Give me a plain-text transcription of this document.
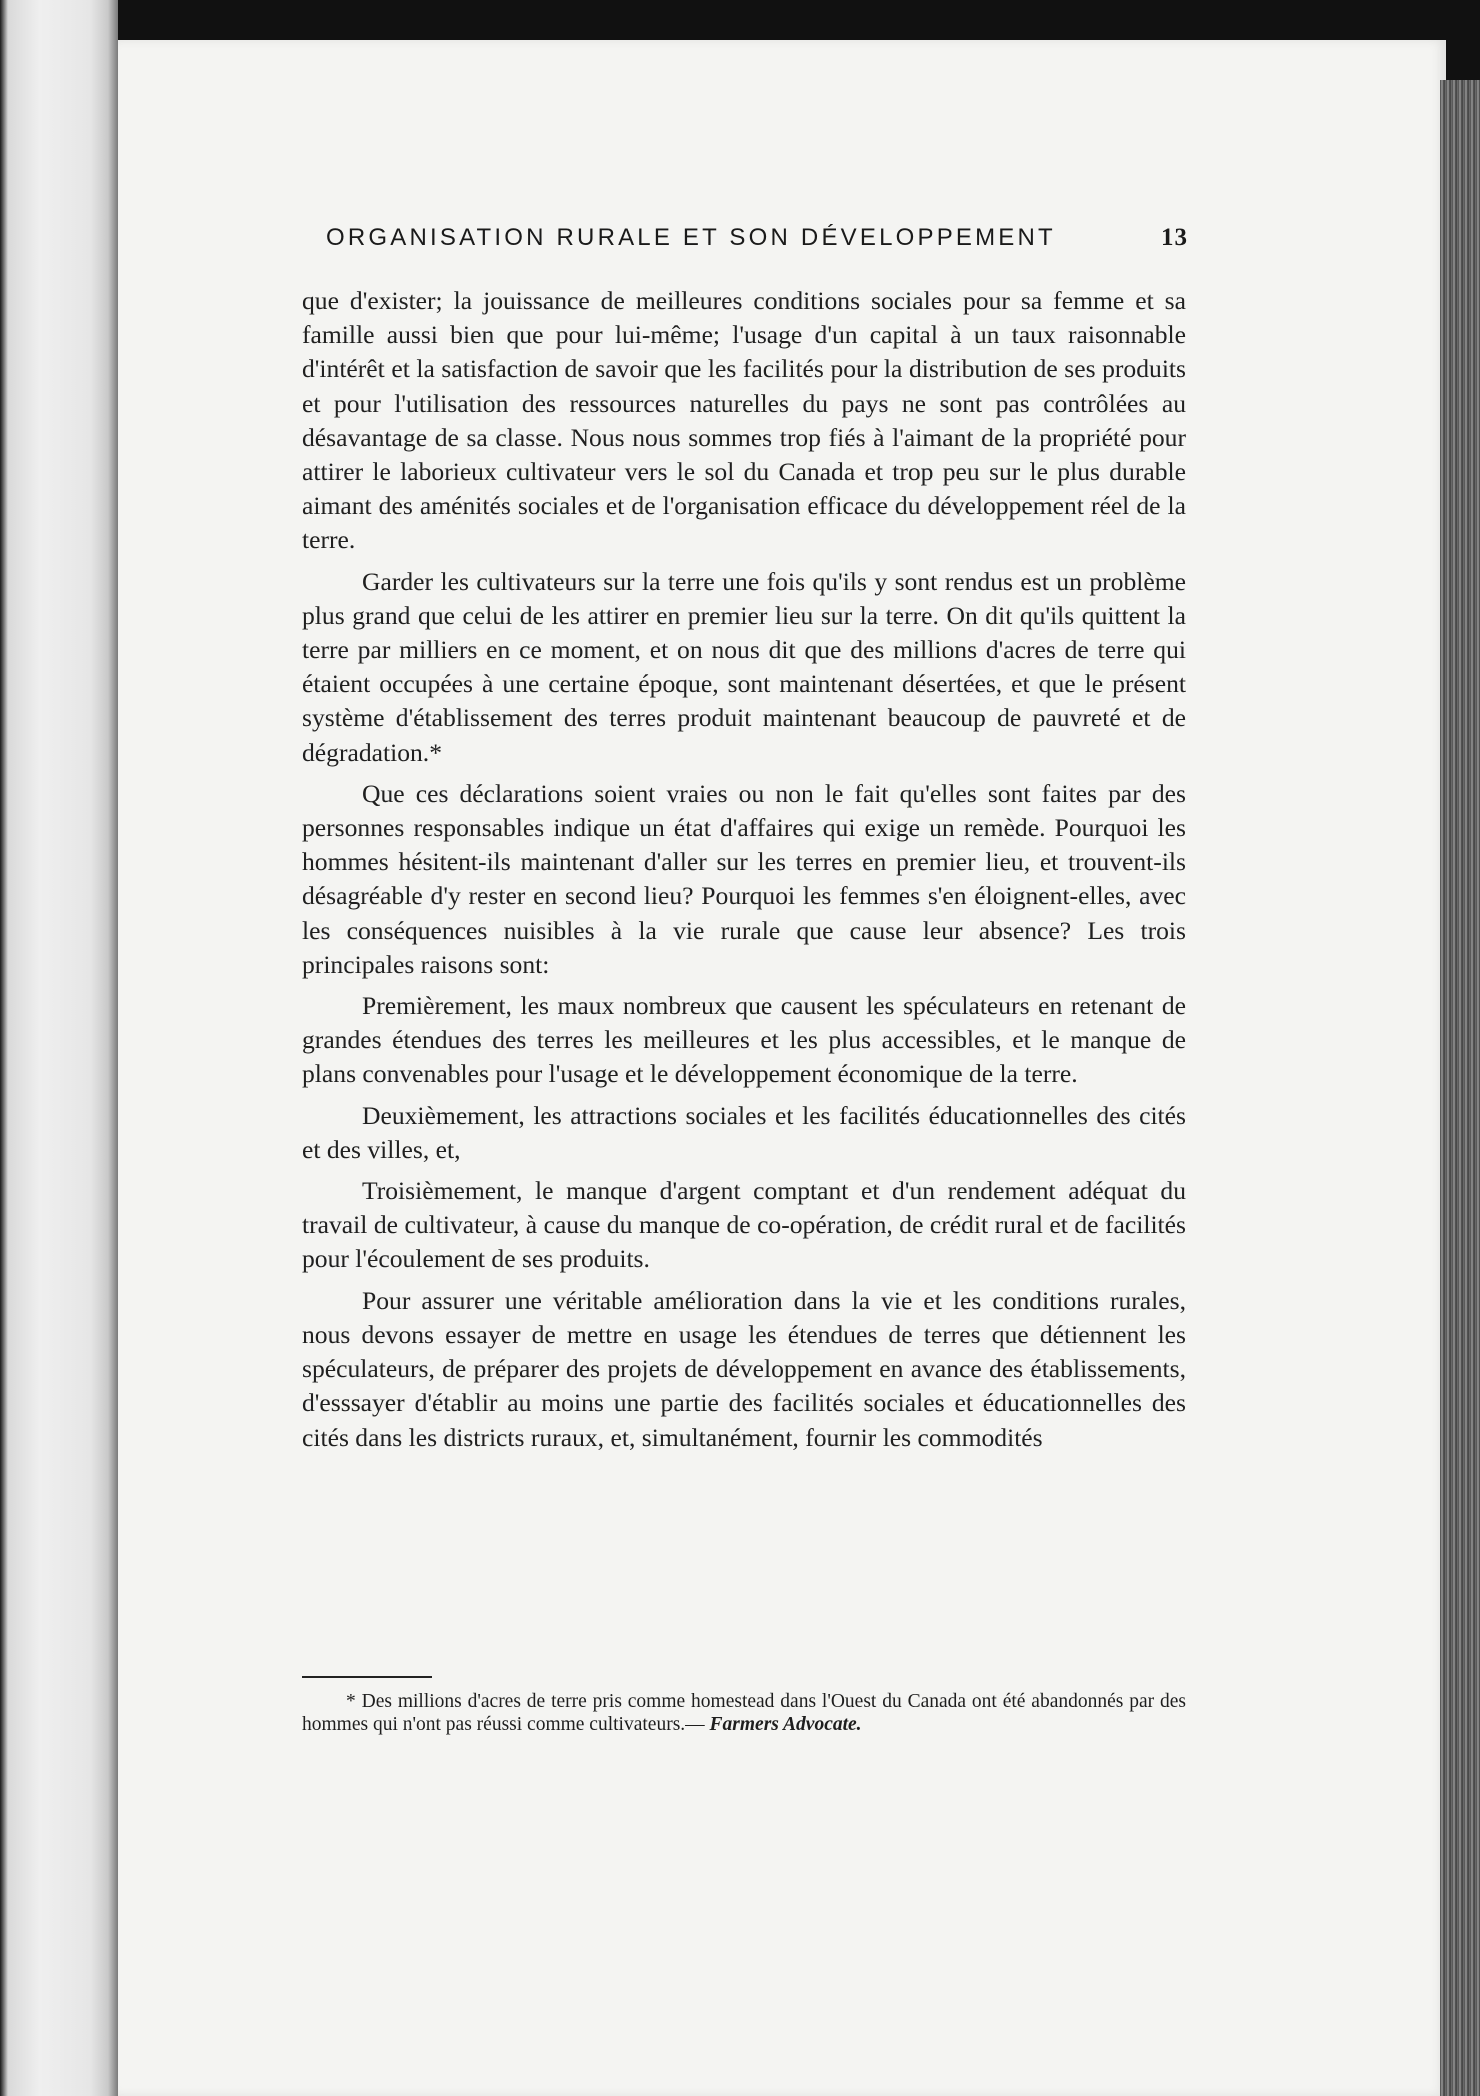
ORGANISATION RURALE ET SON DÉVELOPPEMENT	13

que d'exister; la jouissance de meilleures conditions sociales pour sa femme et sa famille aussi bien que pour lui-même; l'usage d'un capital à un taux raisonnable d'intérêt et la satisfaction de savoir que les facilités pour la distribution de ses produits et pour l'utilisation des ressources naturelles du pays ne sont pas contrôlées au désavantage de sa classe. Nous nous sommes trop fiés à l'aimant de la propriété pour attirer le laborieux cultivateur vers le sol du Canada et trop peu sur le plus durable aimant des aménités sociales et de l'organisation efficace du développement réel de la terre.

Garder les cultivateurs sur la terre une fois qu'ils y sont rendus est un problème plus grand que celui de les attirer en premier lieu sur la terre. On dit qu'ils quittent la terre par milliers en ce moment, et on nous dit que des millions d'acres de terre qui étaient occupées à une certaine époque, sont maintenant désertées, et que le présent système d'établissement des terres produit maintenant beaucoup de pauvreté et de dégradation.*

Que ces déclarations soient vraies ou non le fait qu'elles sont faites par des personnes responsables indique un état d'affaires qui exige un remède. Pourquoi les hommes hésitent-ils maintenant d'aller sur les terres en premier lieu, et trouvent-ils désagréable d'y rester en second lieu? Pourquoi les femmes s'en éloignent-elles, avec les conséquences nuisibles à la vie rurale que cause leur absence? Les trois principales raisons sont:

Premièrement, les maux nombreux que causent les spéculateurs en retenant de grandes étendues des terres les meilleures et les plus accessibles, et le manque de plans convenables pour l'usage et le développement économique de la terre.

Deuxièmement, les attractions sociales et les facilités éducationnelles des cités et des villes, et,

Troisièmement, le manque d'argent comptant et d'un rendement adéquat du travail de cultivateur, à cause du manque de co-opération, de crédit rural et de facilités pour l'écoulement de ses produits.

Pour assurer une véritable amélioration dans la vie et les conditions rurales, nous devons essayer de mettre en usage les étendues de terres que détiennent les spéculateurs, de préparer des projets de développement en avance des établissements, d'esssayer d'établir au moins une partie des facilités sociales et éducationnelles des cités dans les districts ruraux, et, simultanément, fournir les commodités

* Des millions d'acres de terre pris comme homestead dans l'Ouest du Canada ont été abandonnés par des hommes qui n'ont pas réussi comme cultivateurs.— Farmers Advocate.
